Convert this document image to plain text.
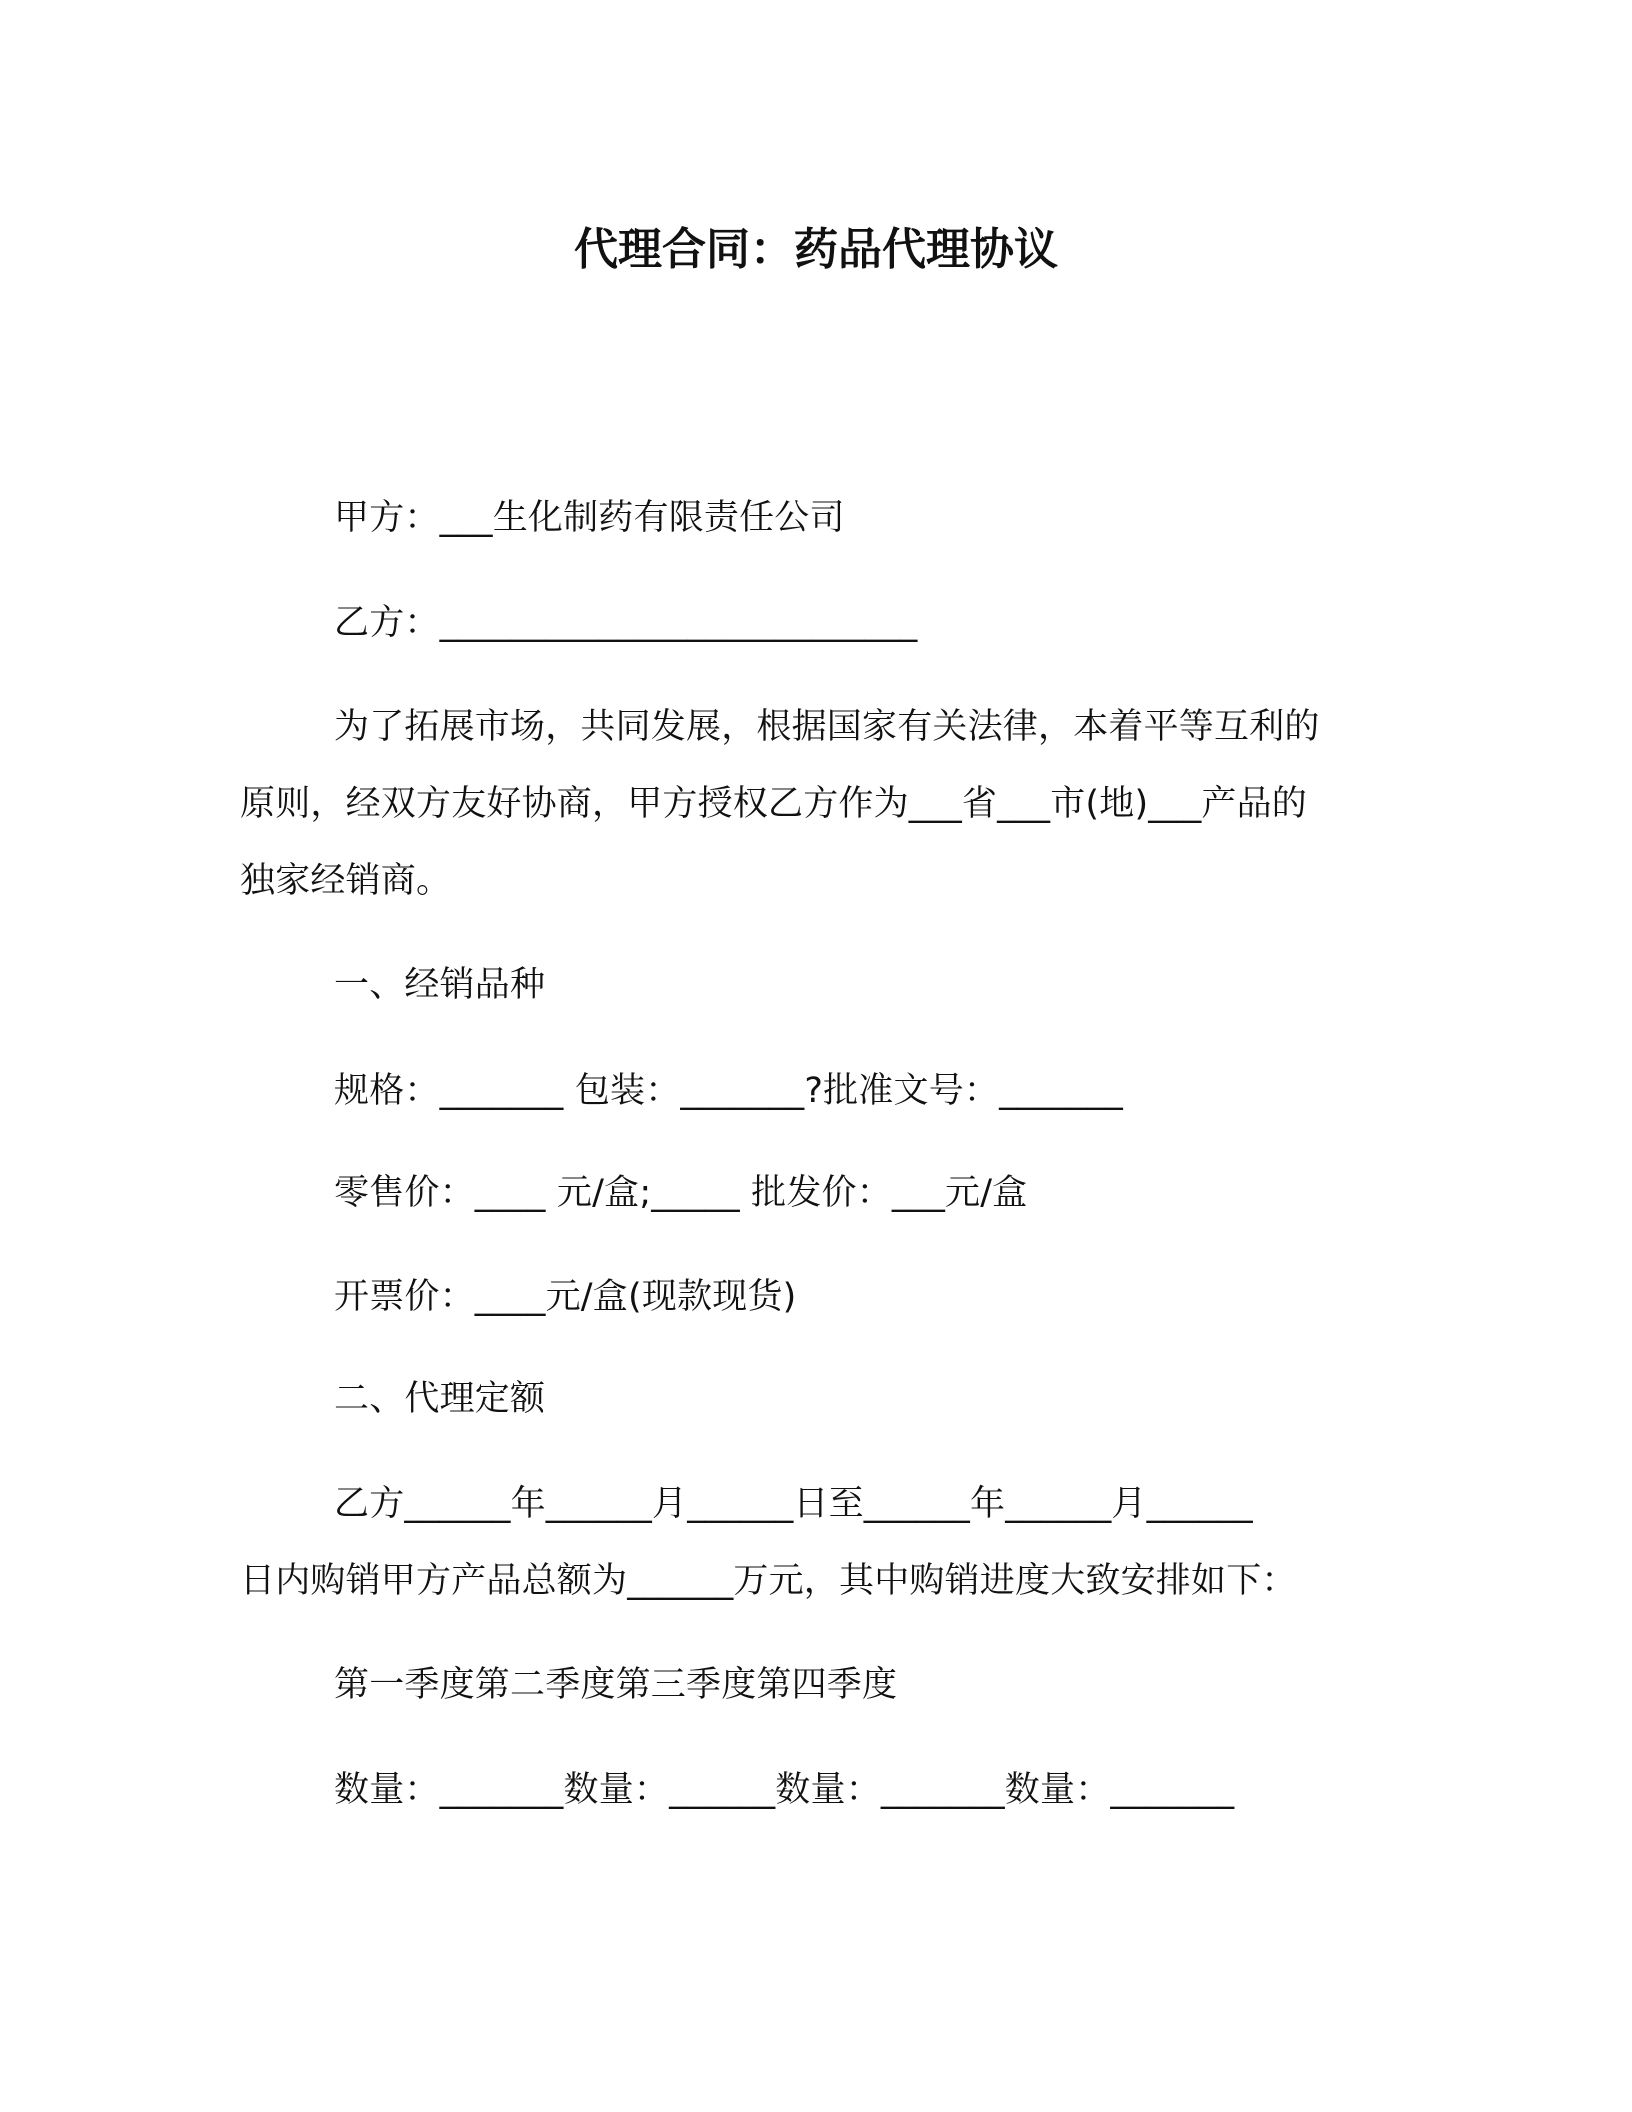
代理合同：药品代理协议
甲方：___生化制药有限责任公司
乙方：___________________________
为了拓展市场，共同发展，根据国家有关法律，本着平等互利的
原则，经双方友好协商，甲方授权乙方作为___省___市(地)___产品的
独家经销商。
一、经销品种
规格：_______ 包装：_______?批准文号：_______
零售价：____ 元/盒;_____ 批发价：___元/盒
开票价：____元/盒(现款现货)
二、代理定额
乙方______年______月______日至______年______月______
日内购销甲方产品总额为______万元，其中购销进度大致安排如下：
第一季度第二季度第三季度第四季度
数量：_______数量：______数量：_______数量：_______
